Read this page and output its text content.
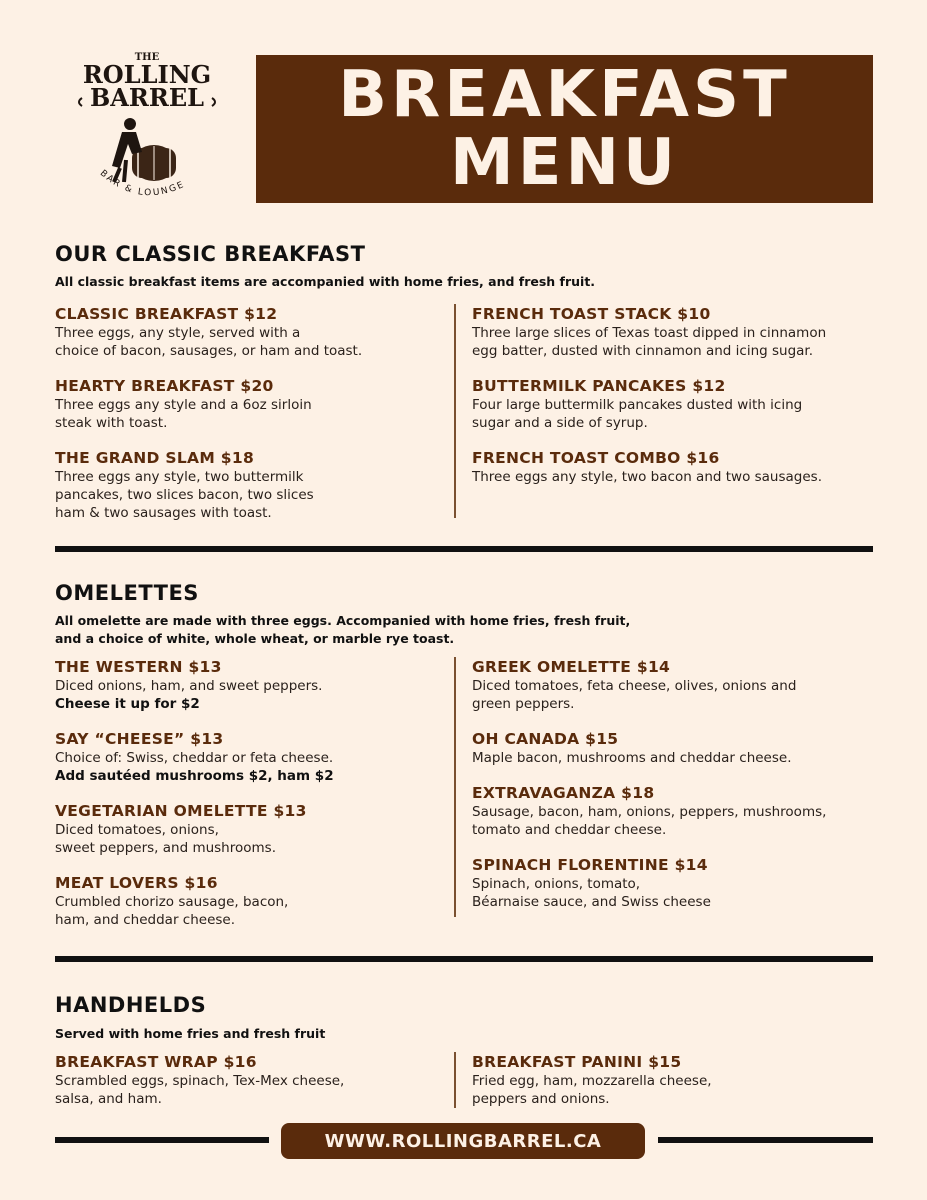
THE
ROLLING
BARREL
BAR & LOUNGE
BREAKFAST
MENU
OUR CLASSIC BREAKFAST
All classic breakfast items are accompanied with home fries, and fresh fruit.
CLASSIC BREAKFAST $12
Three eggs, any style, served with a
choice of bacon, sausages, or ham and toast.
HEARTY BREAKFAST $20
Three eggs any style and a 6oz sirloin
steak with toast.
THE GRAND SLAM $18
Three eggs any style, two buttermilk
pancakes, two slices bacon, two slices
ham & two sausages with toast.
FRENCH TOAST STACK $10
Three large slices of Texas toast dipped in cinnamon
egg batter, dusted with cinnamon and icing sugar.
BUTTERMILK PANCAKES $12
Four large buttermilk pancakes dusted with icing
sugar and a side of syrup.
FRENCH TOAST COMBO $16
Three eggs any style, two bacon and two sausages.
OMELETTES
All omelette are made with three eggs. Accompanied with home fries, fresh fruit,
and a choice of white, whole wheat, or marble rye toast.
THE WESTERN $13
Diced onions, ham, and sweet peppers.
Cheese it up for $2
SAY “CHEESE” $13
Choice of: Swiss, cheddar or feta cheese.
Add sautéed mushrooms $2, ham $2
VEGETARIAN OMELETTE $13
Diced tomatoes, onions,
sweet peppers, and mushrooms.
MEAT LOVERS $16
Crumbled chorizo sausage, bacon,
ham, and cheddar cheese.
GREEK OMELETTE $14
Diced tomatoes, feta cheese, olives, onions and
green peppers.
OH CANADA $15
Maple bacon, mushrooms and cheddar cheese.
EXTRAVAGANZA $18
Sausage, bacon, ham, onions, peppers, mushrooms,
tomato and cheddar cheese.
SPINACH FLORENTINE $14
Spinach, onions, tomato,
Béarnaise sauce, and Swiss cheese
HANDHELDS
Served with home fries and fresh fruit
BREAKFAST WRAP $16
Scrambled eggs, spinach, Tex-Mex cheese,
salsa, and ham.
BREAKFAST PANINI $15
Fried egg, ham, mozzarella cheese,
peppers and onions.
WWW.ROLLINGBARREL.CA
